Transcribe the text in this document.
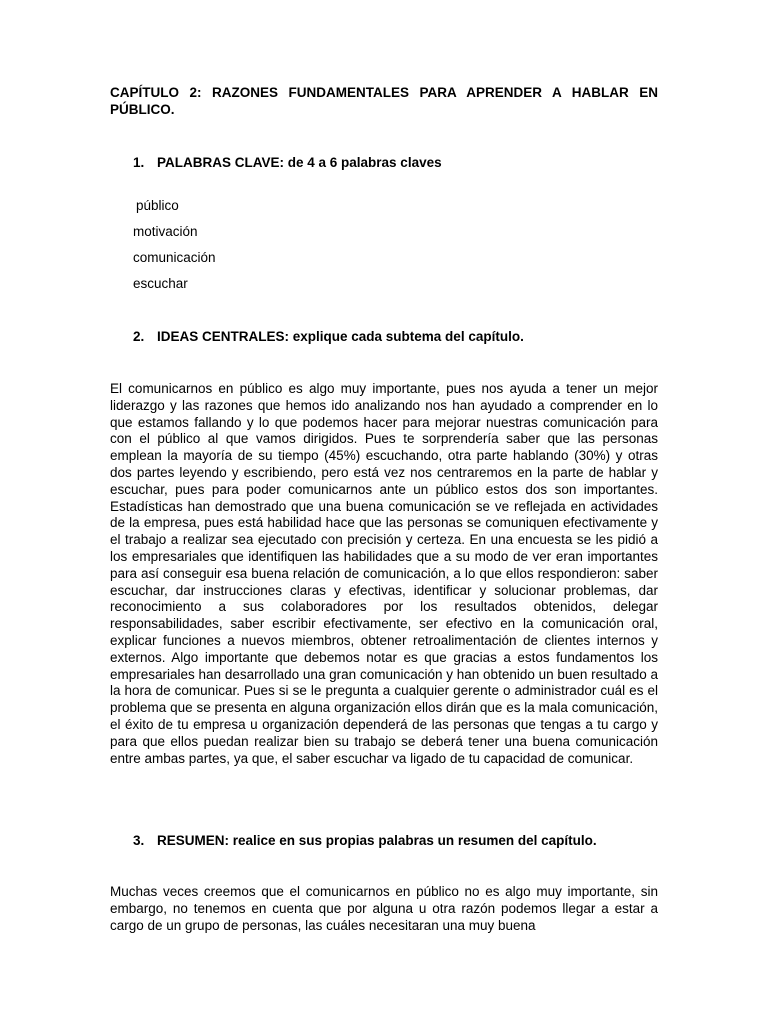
CAPÍTULO 2: RAZONES FUNDAMENTALES PARA APRENDER A HABLAR EN PÚBLICO.

1. PALABRAS CLAVE: de 4 a 6 palabras claves

público
motivación
comunicación
escuchar

2. IDEAS CENTRALES: explique cada subtema del capítulo.

El comunicarnos en público es algo muy importante, pues nos ayuda a tener un mejor liderazgo y las razones que hemos ido analizando nos han ayudado a comprender en lo que estamos fallando y lo que podemos hacer para mejorar nuestras comunicación para con el público al que vamos dirigidos. Pues te sorprendería saber que las personas emplean la mayoría de su tiempo (45%) escuchando, otra parte hablando (30%) y otras dos partes leyendo y escribiendo, pero está vez nos centraremos en la parte de hablar y escuchar, pues para poder comunicarnos ante un público estos dos son importantes. Estadísticas han demostrado que una buena comunicación se ve reflejada en actividades de la empresa, pues está habilidad hace que las personas se comuniquen efectivamente y el trabajo a realizar sea ejecutado con precisión y certeza. En una encuesta se les pidió a los empresariales que identifiquen las habilidades que a su modo de ver eran importantes para así conseguir esa buena relación de comunicación, a lo que ellos respondieron: saber escuchar, dar instrucciones claras y efectivas, identificar y solucionar problemas, dar reconocimiento a sus colaboradores por los resultados obtenidos, delegar responsabilidades, saber escribir efectivamente, ser efectivo en la comunicación oral, explicar funciones a nuevos miembros, obtener retroalimentación de clientes internos y externos. Algo importante que debemos notar es que gracias a estos fundamentos los empresariales han desarrollado una gran comunicación y han obtenido un buen resultado a la hora de comunicar. Pues si se le pregunta a cualquier gerente o administrador cuál es el problema que se presenta en alguna organización ellos dirán que es la mala comunicación, el éxito de tu empresa u organización dependerá de las personas que tengas a tu cargo y para que ellos puedan realizar bien su trabajo se deberá tener una buena comunicación entre ambas partes, ya que, el saber escuchar va ligado de tu capacidad de comunicar.

3. RESUMEN: realice en sus propias palabras un resumen del capítulo.

Muchas veces creemos que el comunicarnos en público no es algo muy importante, sin embargo, no tenemos en cuenta que por alguna u otra razón podemos llegar a estar a cargo de un grupo de personas, las cuáles necesitaran una muy buena
